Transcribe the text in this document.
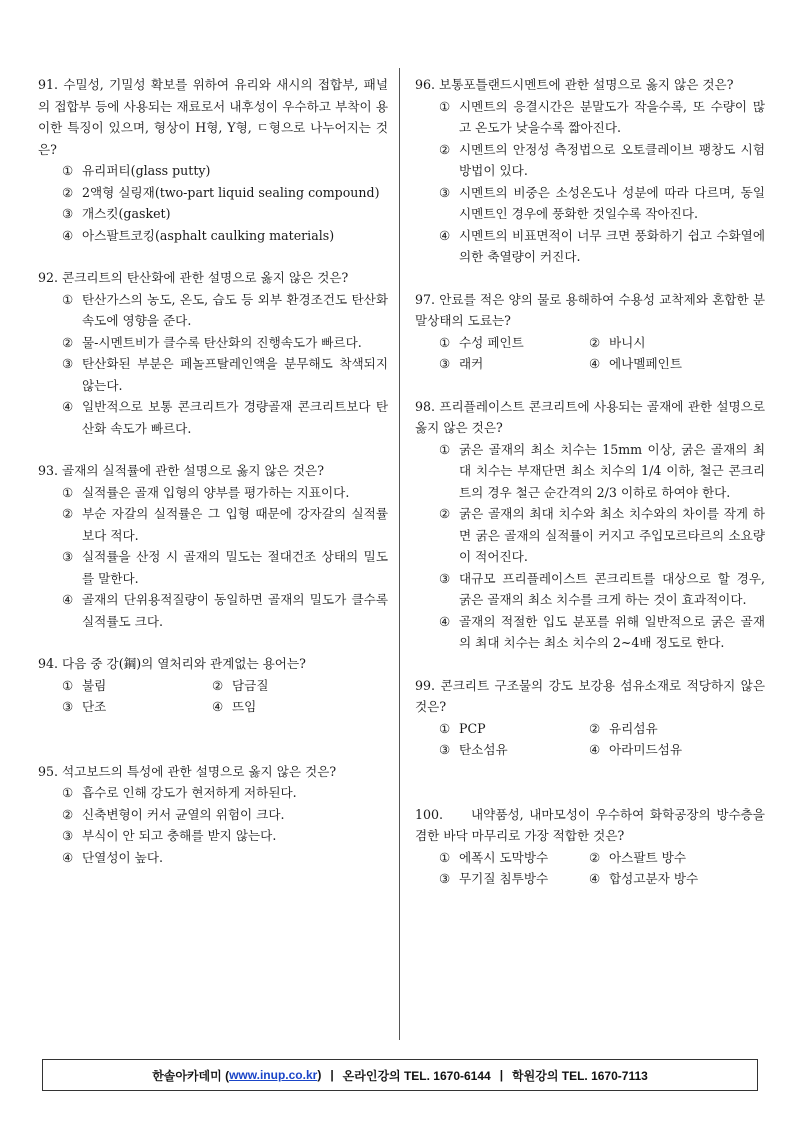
91. 수밀성, 기밀성 확보를 위하여 유리와 새시의 접합부, 패널의 접합부 등에 사용되는 재료로서 내후성이 우수하고 부착이 용이한 특징이 있으며, 형상이 H형, Y형, ㄷ형으로 나누어지는 것은?
① 유리퍼티(glass putty)
② 2액형 실링재(two-part liquid sealing compound)
③ 개스킷(gasket)
④ 아스팔트코킹(asphalt caulking materials)
92. 콘크리트의 탄산화에 관한 설명으로 옳지 않은 것은?
① 탄산가스의 농도, 온도, 습도 등 외부 환경조건도 탄산화 속도에 영향을 준다.
② 물-시멘트비가 클수록 탄산화의 진행속도가 빠르다.
③ 탄산화된 부분은 페놀프탈레인액을 분무해도 착색되지 않는다.
④ 일반적으로 보통 콘크리트가 경량골재 콘크리트보다 탄산화 속도가 빠르다.
93. 골재의 실적률에 관한 설명으로 옳지 않은 것은?
① 실적률은 골재 입형의 양부를 평가하는 지표이다.
② 부순 자갈의 실적률은 그 입형 때문에 강자갈의 실적률보다 적다.
③ 실적률을 산정 시 골재의 밀도는 절대건조 상태의 밀도를 말한다.
④ 골재의 단위용적질량이 동일하면 골재의 밀도가 클수록 실적률도 크다.
94. 다음 중 강(鋼)의 열처리와 관계없는 용어는?
① 불림	② 담금질
③ 단조	④ 뜨임
95. 석고보드의 특성에 관한 설명으로 옳지 않은 것은?
① 흡수로 인해 강도가 현저하게 저하된다.
② 신축변형이 커서 균열의 위험이 크다.
③ 부식이 안 되고 충해를 받지 않는다.
④ 단열성이 높다.
96. 보통포틀랜드시멘트에 관한 설명으로 옳지 않은 것은?
① 시멘트의 응결시간은 분말도가 작을수록, 또 수량이 많고 온도가 낮을수록 짧아진다.
② 시멘트의 안정성 측정법으로 오토클레이브 팽창도 시험방법이 있다.
③ 시멘트의 비중은 소성온도나 성분에 따라 다르며, 동일 시멘트인 경우에 풍화한 것일수록 작아진다.
④ 시멘트의 비표면적이 너무 크면 풍화하기 쉽고 수화열에 의한 축열량이 커진다.
97. 안료를 적은 양의 물로 용해하여 수용성 교착제와 혼합한 분말상태의 도료는?
① 수성 페인트	② 바니시
③ 래커	④ 에나멜페인트
98. 프리플레이스트 콘크리트에 사용되는 골재에 관한 설명으로 옳지 않은 것은?
① 굵은 골재의 최소 치수는 15mm 이상, 굵은 골재의 최대 치수는 부재단면 최소 치수의 1/4 이하, 철근 콘크리트의 경우 철근 순간격의 2/3 이하로 하여야 한다.
② 굵은 골재의 최대 치수와 최소 치수와의 차이를 작게 하면 굵은 골재의 실적률이 커지고 주입모르타르의 소요량이 적어진다.
③ 대규모 프리플레이스트 콘크리트를 대상으로 할 경우, 굵은 골재의 최소 치수를 크게 하는 것이 효과적이다.
④ 골재의 적절한 입도 분포를 위해 일반적으로 굵은 골재의 최대 치수는 최소 치수의 2~4배 정도로 한다.
99. 콘크리트 구조물의 강도 보강용 섬유소재로 적당하지 않은 것은?
① PCP	② 유리섬유
③ 탄소섬유	④ 아라미드섬유
100. 내약품성, 내마모성이 우수하여 화학공장의 방수층을 겸한 바닥 마무리로 가장 적합한 것은?
① 에폭시 도막방수	② 아스팔트 방수
③ 무기질 침투방수	④ 합성고분자 방수
한솔아카데미 ( www.inup.co.kr ) | 온라인강의 TEL. 1670-6144 | 학원강의 TEL. 1670-7113
